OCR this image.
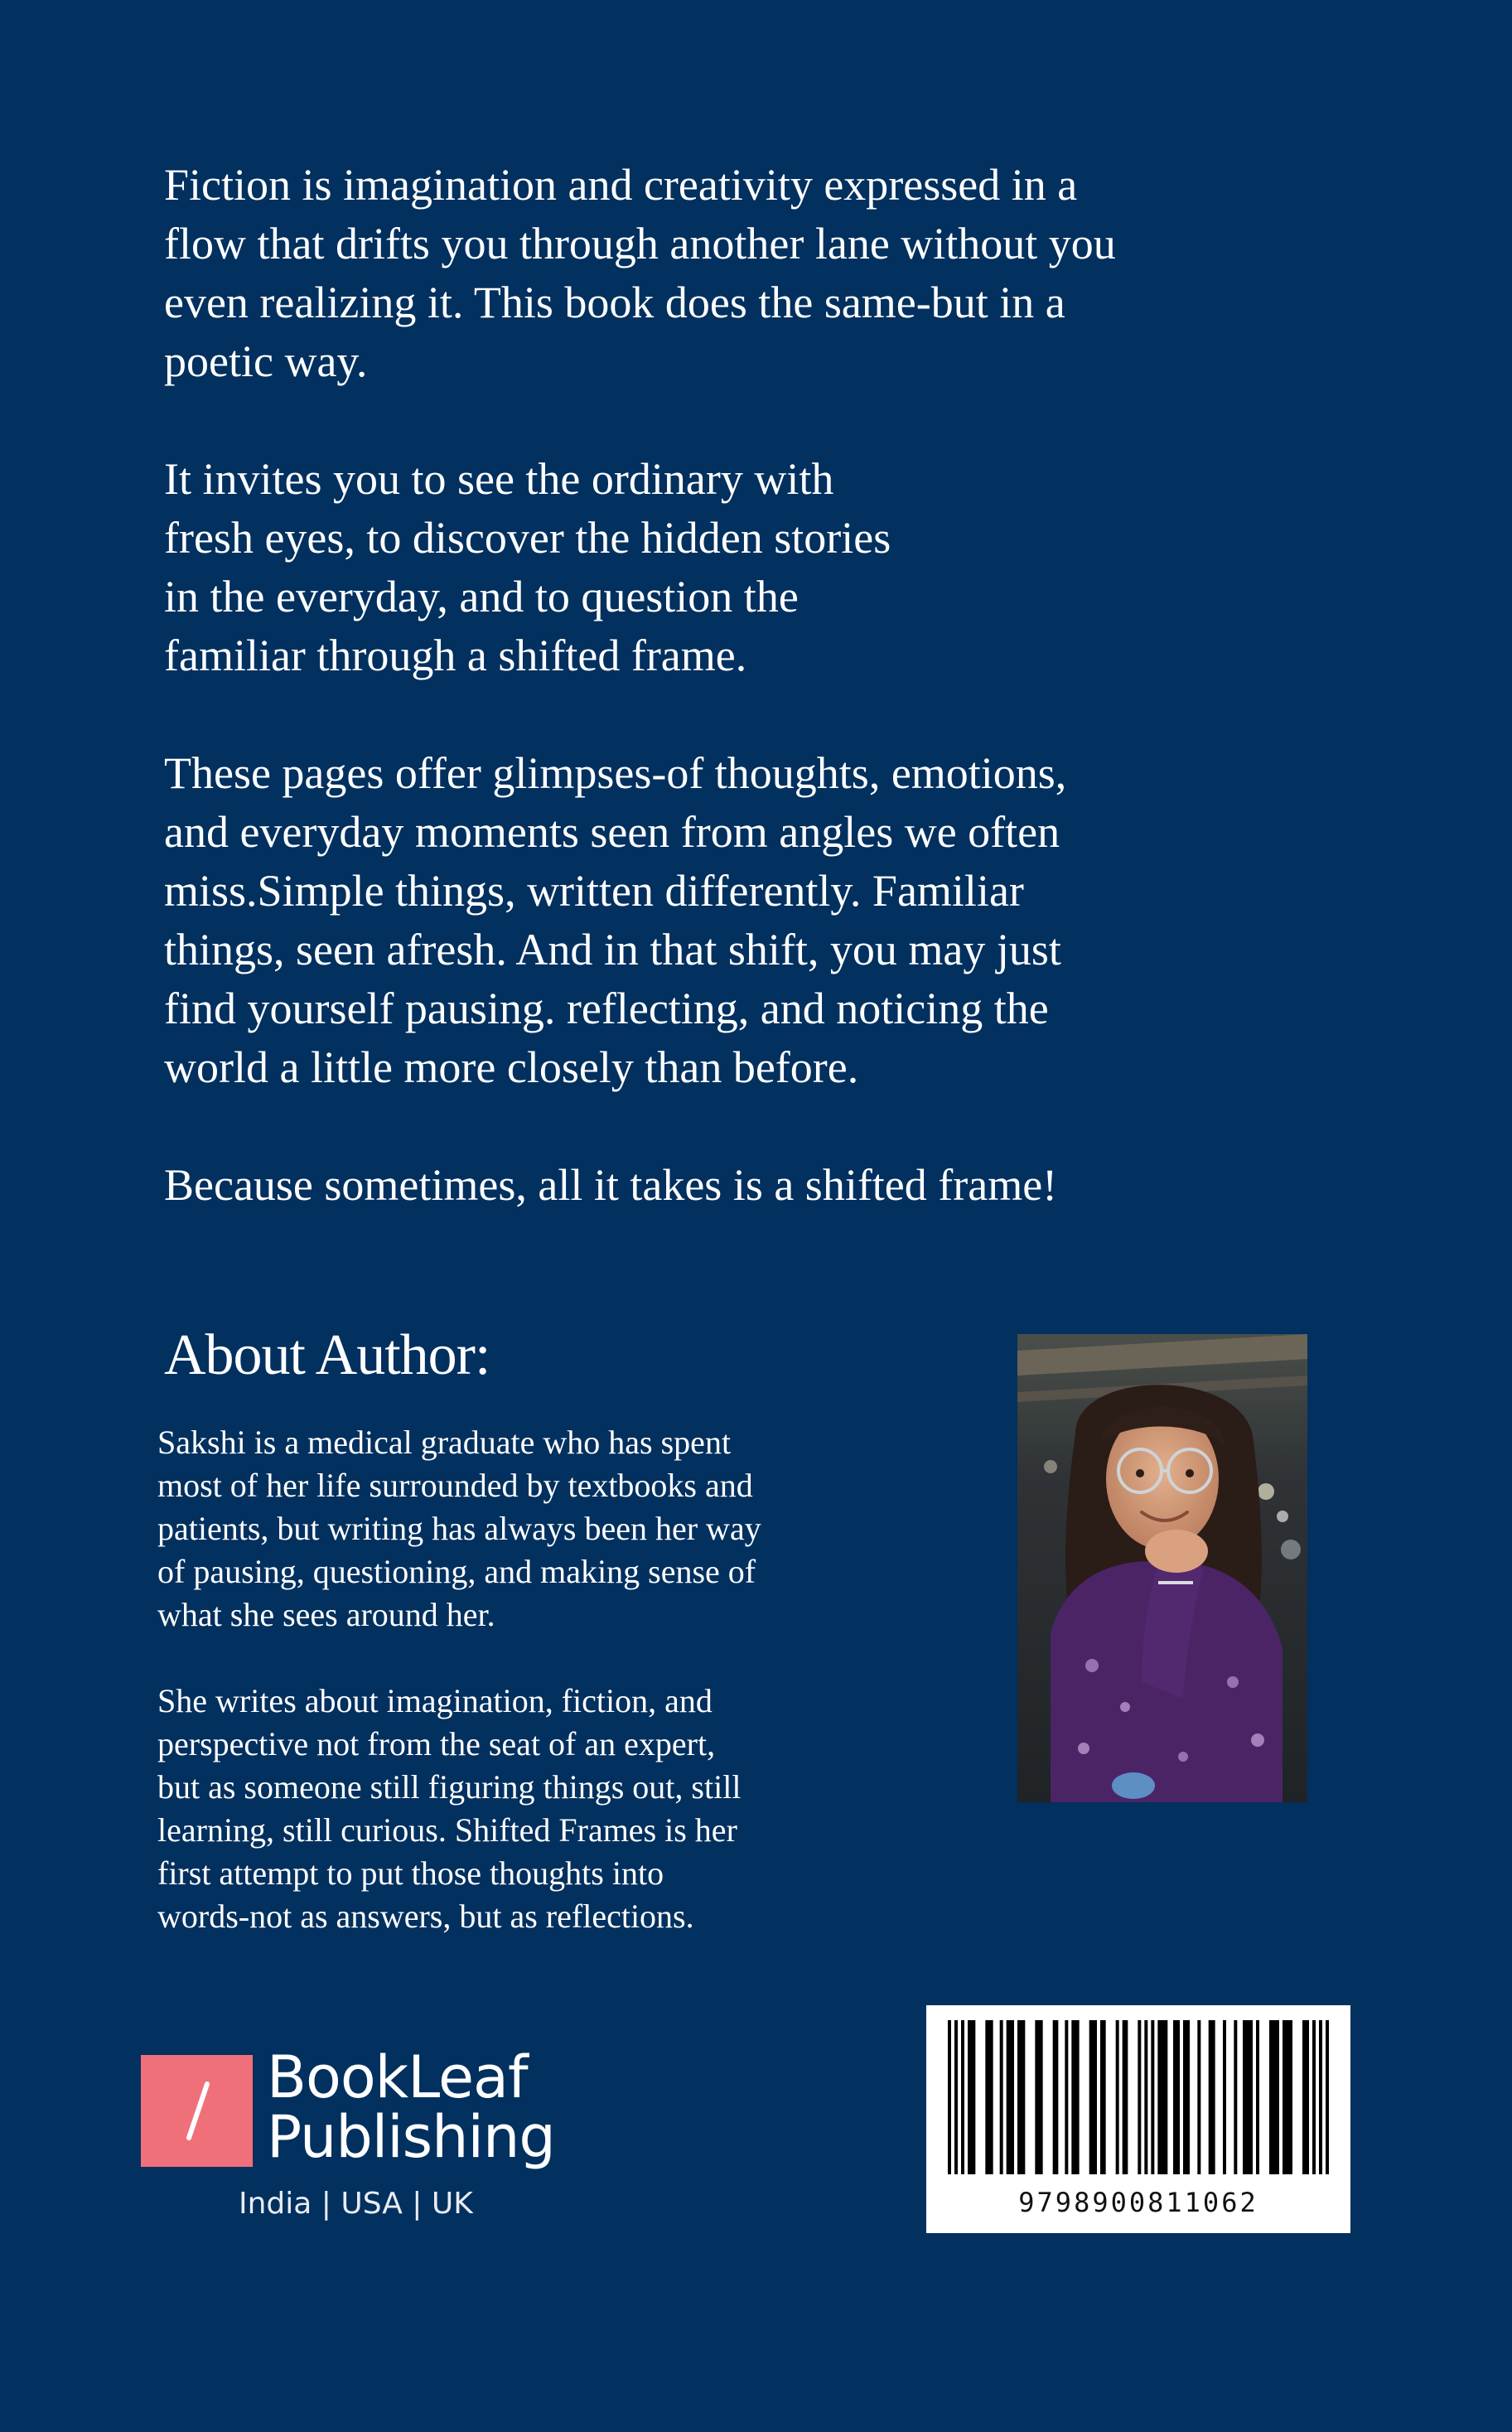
Fiction is imagination and creativity expressed in a
flow that drifts you through another lane without you
even realizing it. This book does the same-but in a
poetic way.

It invites you to see the ordinary with
fresh eyes, to discover the hidden stories
in the everyday, and to question the
familiar through a shifted frame.

These pages offer glimpses-of thoughts, emotions,
and everyday moments seen from angles we often
miss.Simple things, written differently. Familiar
things, seen afresh. And in that shift, you may just
find yourself pausing. reflecting, and noticing the
world a little more closely than before.

Because sometimes, all it takes is a shifted frame!

About Author:

Sakshi is a medical graduate who has spent
most of her life surrounded by textbooks and
patients, but writing has always been her way
of pausing, questioning, and making sense of
what she sees around her.

She writes about imagination, fiction, and
perspective not from the seat of an expert,
but as someone still figuring things out, still
learning, still curious. Shifted Frames is her
first attempt to put those thoughts into
words-not as answers, but as reflections.

BookLeaf
Publishing
India | USA | UK	9798900811062
